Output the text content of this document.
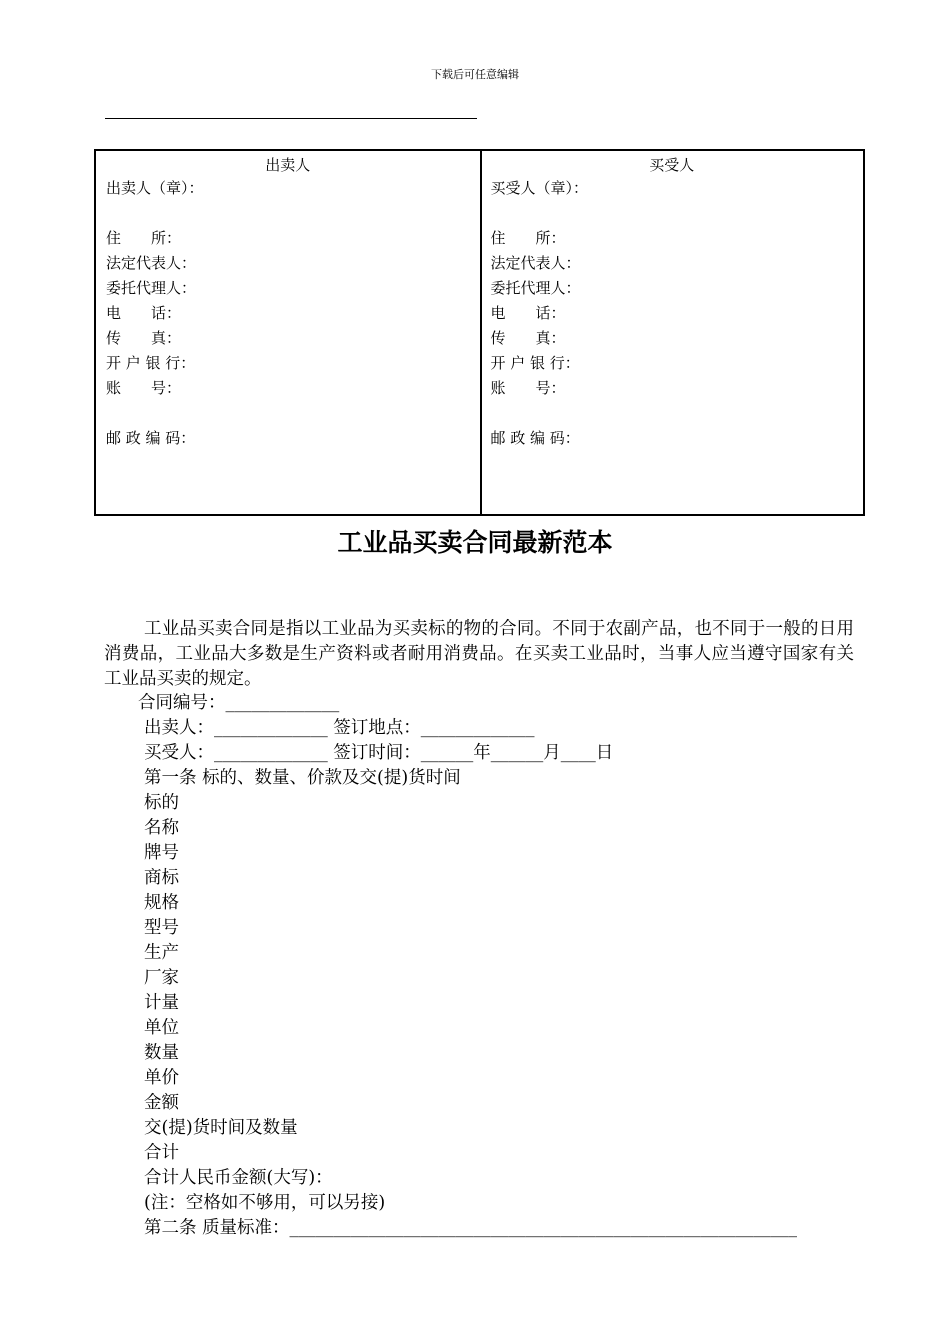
下载后可任意编辑
出卖人
出卖人（章）：
住　　所：
法定代表人：
委托代理人：
电　　话：
传　　真：
开 户 银 行：
账　　号：
邮 政 编 码：
买受人
买受人（章）：
住　　所：
法定代表人：
委托代理人：
电　　话：
传　　真：
开 户 银 行：
账　　号：
邮 政 编 码：
工业品买卖合同最新范本
工业品买卖合同是指以工业品为买卖标的物的合同。不同于农副产品，也不同于一般的日用消费品，工业品大多数是生产资料或者耐用消费品。在买卖工业品时，当事人应当遵守国家有关工业品买卖的规定。
合同编号：_____________
出卖人：_____________ 签订地点：_____________
买受人：_____________ 签订时间：______年______月____日
第一条 标的、数量、价款及交(提)货时间
标的
名称
牌号
商标
规格
型号
生产
厂家
计量
单位
数量
单价
金额
交(提)货时间及数量
合计
合计人民币金额(大写)：
(注：空格如不够用，可以另接)
第二条 质量标准：__________________________________________________________
